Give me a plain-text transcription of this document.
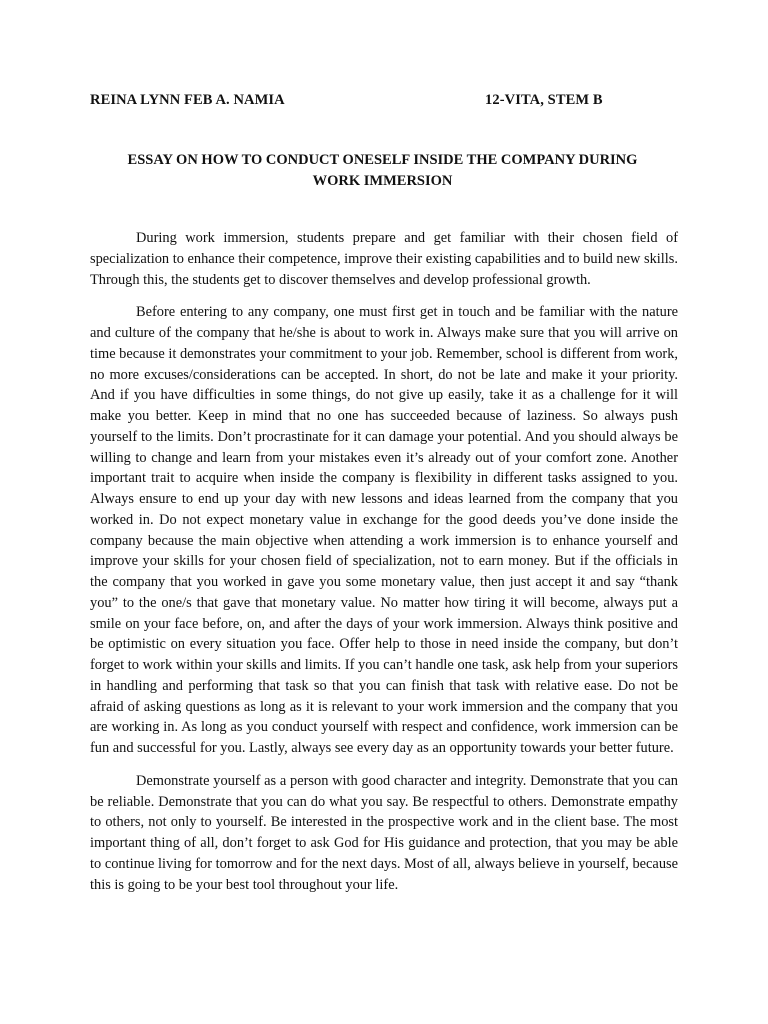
REINA LYNN FEB A. NAMIA	12-VITA, STEM B
ESSAY ON HOW TO CONDUCT ONESELF INSIDE THE COMPANY DURING
WORK IMMERSION

During work immersion, students prepare and get familiar with their chosen field of specialization to enhance their competence, improve their existing capabilities and to build new skills. Through this, the students get to discover themselves and develop professional growth.

Before entering to any company, one must first get in touch and be familiar with the nature and culture of the company that he/she is about to work in. Always make sure that you will arrive on time because it demonstrates your commitment to your job. Remember, school is different from work, no more excuses/considerations can be accepted. In short, do not be late and make it your priority. And if you have difficulties in some things, do not give up easily, take it as a challenge for it will make you better. Keep in mind that no one has succeeded because of laziness. So always push yourself to the limits. Don’t procrastinate for it can damage your potential. And you should always be willing to change and learn from your mistakes even it’s already out of your comfort zone. Another important trait to acquire when inside the company is flexibility in different tasks assigned to you. Always ensure to end up your day with new lessons and ideas learned from the company that you worked in. Do not expect monetary value in exchange for the good deeds you’ve done inside the company because the main objective when attending a work immersion is to enhance yourself and improve your skills for your chosen field of specialization, not to earn money. But if the officials in the company that you worked in gave you some monetary value, then just accept it and say “thank you” to the one/s that gave that monetary value. No matter how tiring it will become, always put a smile on your face before, on, and after the days of your work immersion. Always think positive and be optimistic on every situation you face. Offer help to those in need inside the company, but don’t forget to work within your skills and limits. If you can’t handle one task, ask help from your superiors in handling and performing that task so that you can finish that task with relative ease. Do not be afraid of asking questions as long as it is relevant to your work immersion and the company that you are working in. As long as you conduct yourself with respect and confidence, work immersion can be fun and successful for you. Lastly, always see every day as an opportunity towards your better future.

Demonstrate yourself as a person with good character and integrity. Demonstrate that you can be reliable. Demonstrate that you can do what you say. Be respectful to others. Demonstrate empathy to others, not only to yourself. Be interested in the prospective work and in the client base. The most important thing of all, don’t forget to ask God for His guidance and protection, that you may be able to continue living for tomorrow and for the next days. Most of all, always believe in yourself, because this is going to be your best tool throughout your life.
